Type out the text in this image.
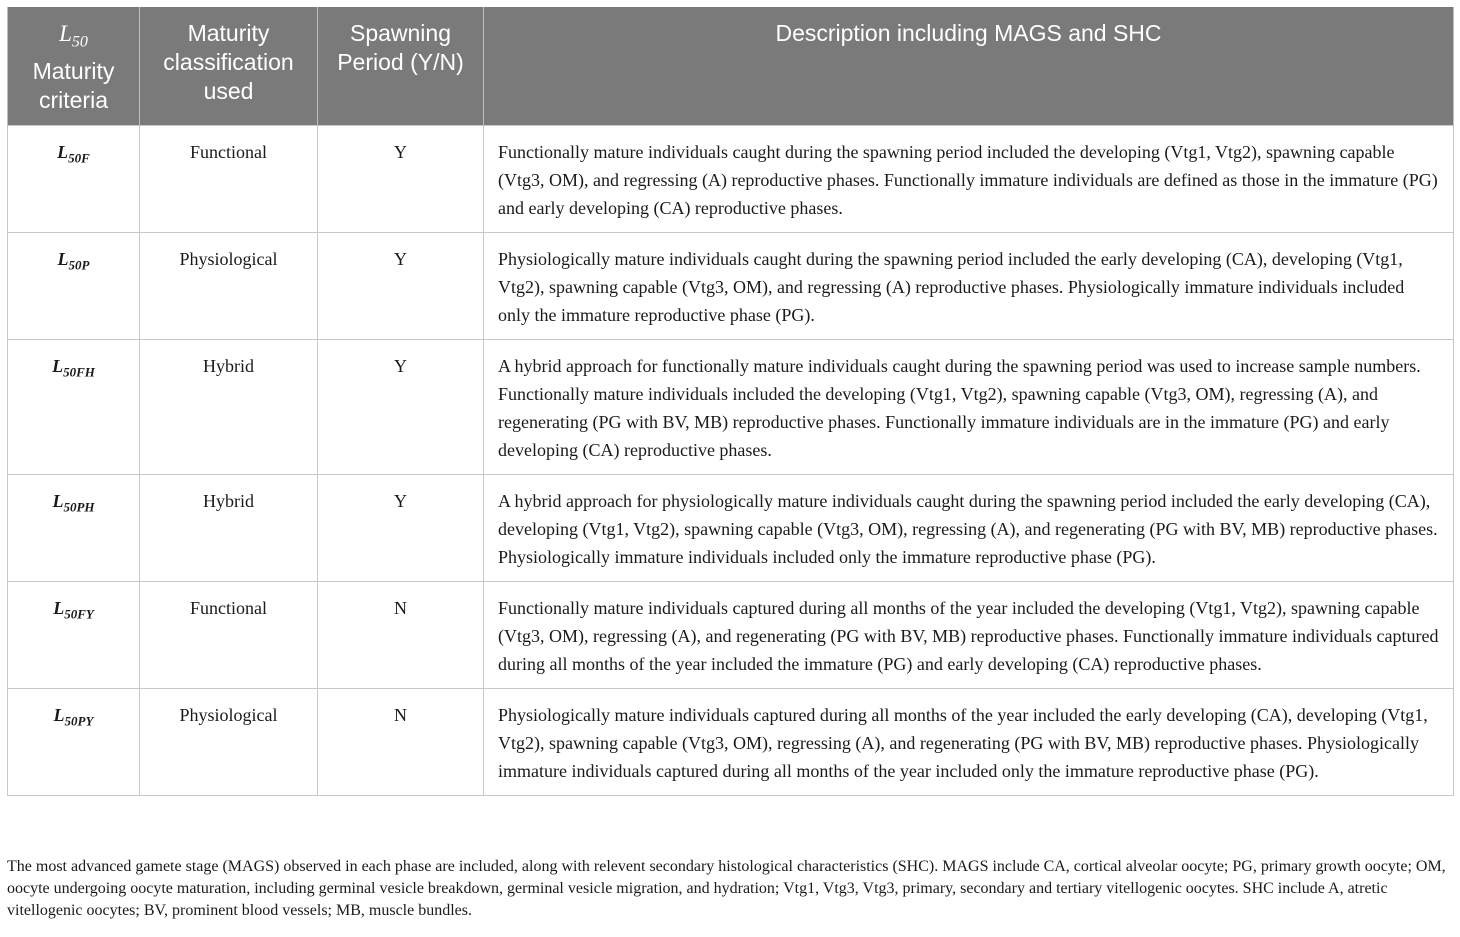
$L_{50}$
Maturity criteria	Maturity classification used	Spawning Period (Y/N)	Description including MAGS and SHC
$L_{50F}$	Functional	Y	Functionally mature individuals caught during the spawning period included the developing (Vtg1, Vtg2), spawning capable (Vtg3, OM), and regressing (A) reproductive phases. Functionally immature individuals are defined as those in the immature (PG) and early developing (CA) reproductive phases.
$L_{50P}$	Physiological	Y	Physiologically mature individuals caught during the spawning period included the early developing (CA), developing (Vtg1, Vtg2), spawning capable (Vtg3, OM), and regressing (A) reproductive phases. Physiologically immature individuals included only the immature reproductive phase (PG).
$L_{50FH}$	Hybrid	Y	A hybrid approach for functionally mature individuals caught during the spawning period was used to increase sample numbers. Functionally mature individuals included the developing (Vtg1, Vtg2), spawning capable (Vtg3, OM), regressing (A), and regenerating (PG with BV, MB) reproductive phases. Functionally immature individuals are in the immature (PG) and early developing (CA) reproductive phases.
$L_{50PH}$	Hybrid	Y	A hybrid approach for physiologically mature individuals caught during the spawning period included the early developing (CA), developing (Vtg1, Vtg2), spawning capable (Vtg3, OM), regressing (A), and regenerating (PG with BV, MB) reproductive phases. Physiologically immature individuals included only the immature reproductive phase (PG).
$L_{50FY}$	Functional	N	Functionally mature individuals captured during all months of the year included the developing (Vtg1, Vtg2), spawning capable (Vtg3, OM), regressing (A), and regenerating (PG with BV, MB) reproductive phases. Functionally immature individuals captured during all months of the year included the immature (PG) and early developing (CA) reproductive phases.
$L_{50PY}$	Physiological	N	Physiologically mature individuals captured during all months of the year included the early developing (CA), developing (Vtg1, Vtg2), spawning capable (Vtg3, OM), regressing (A), and regenerating (PG with BV, MB) reproductive phases. Physiologically immature individuals captured during all months of the year included only the immature reproductive phase (PG).
The most advanced gamete stage (MAGS) observed in each phase are included, along with relevent secondary histological characteristics (SHC). MAGS include CA, cortical alveolar oocyte; PG, primary growth oocyte; OM, oocyte undergoing oocyte maturation, including germinal vesicle breakdown, germinal vesicle migration, and hydration; Vtg1, Vtg3, Vtg3, primary, secondary and tertiary vitellogenic oocytes. SHC include A, atretic vitellogenic oocytes; BV, prominent blood vessels; MB, muscle bundles.
